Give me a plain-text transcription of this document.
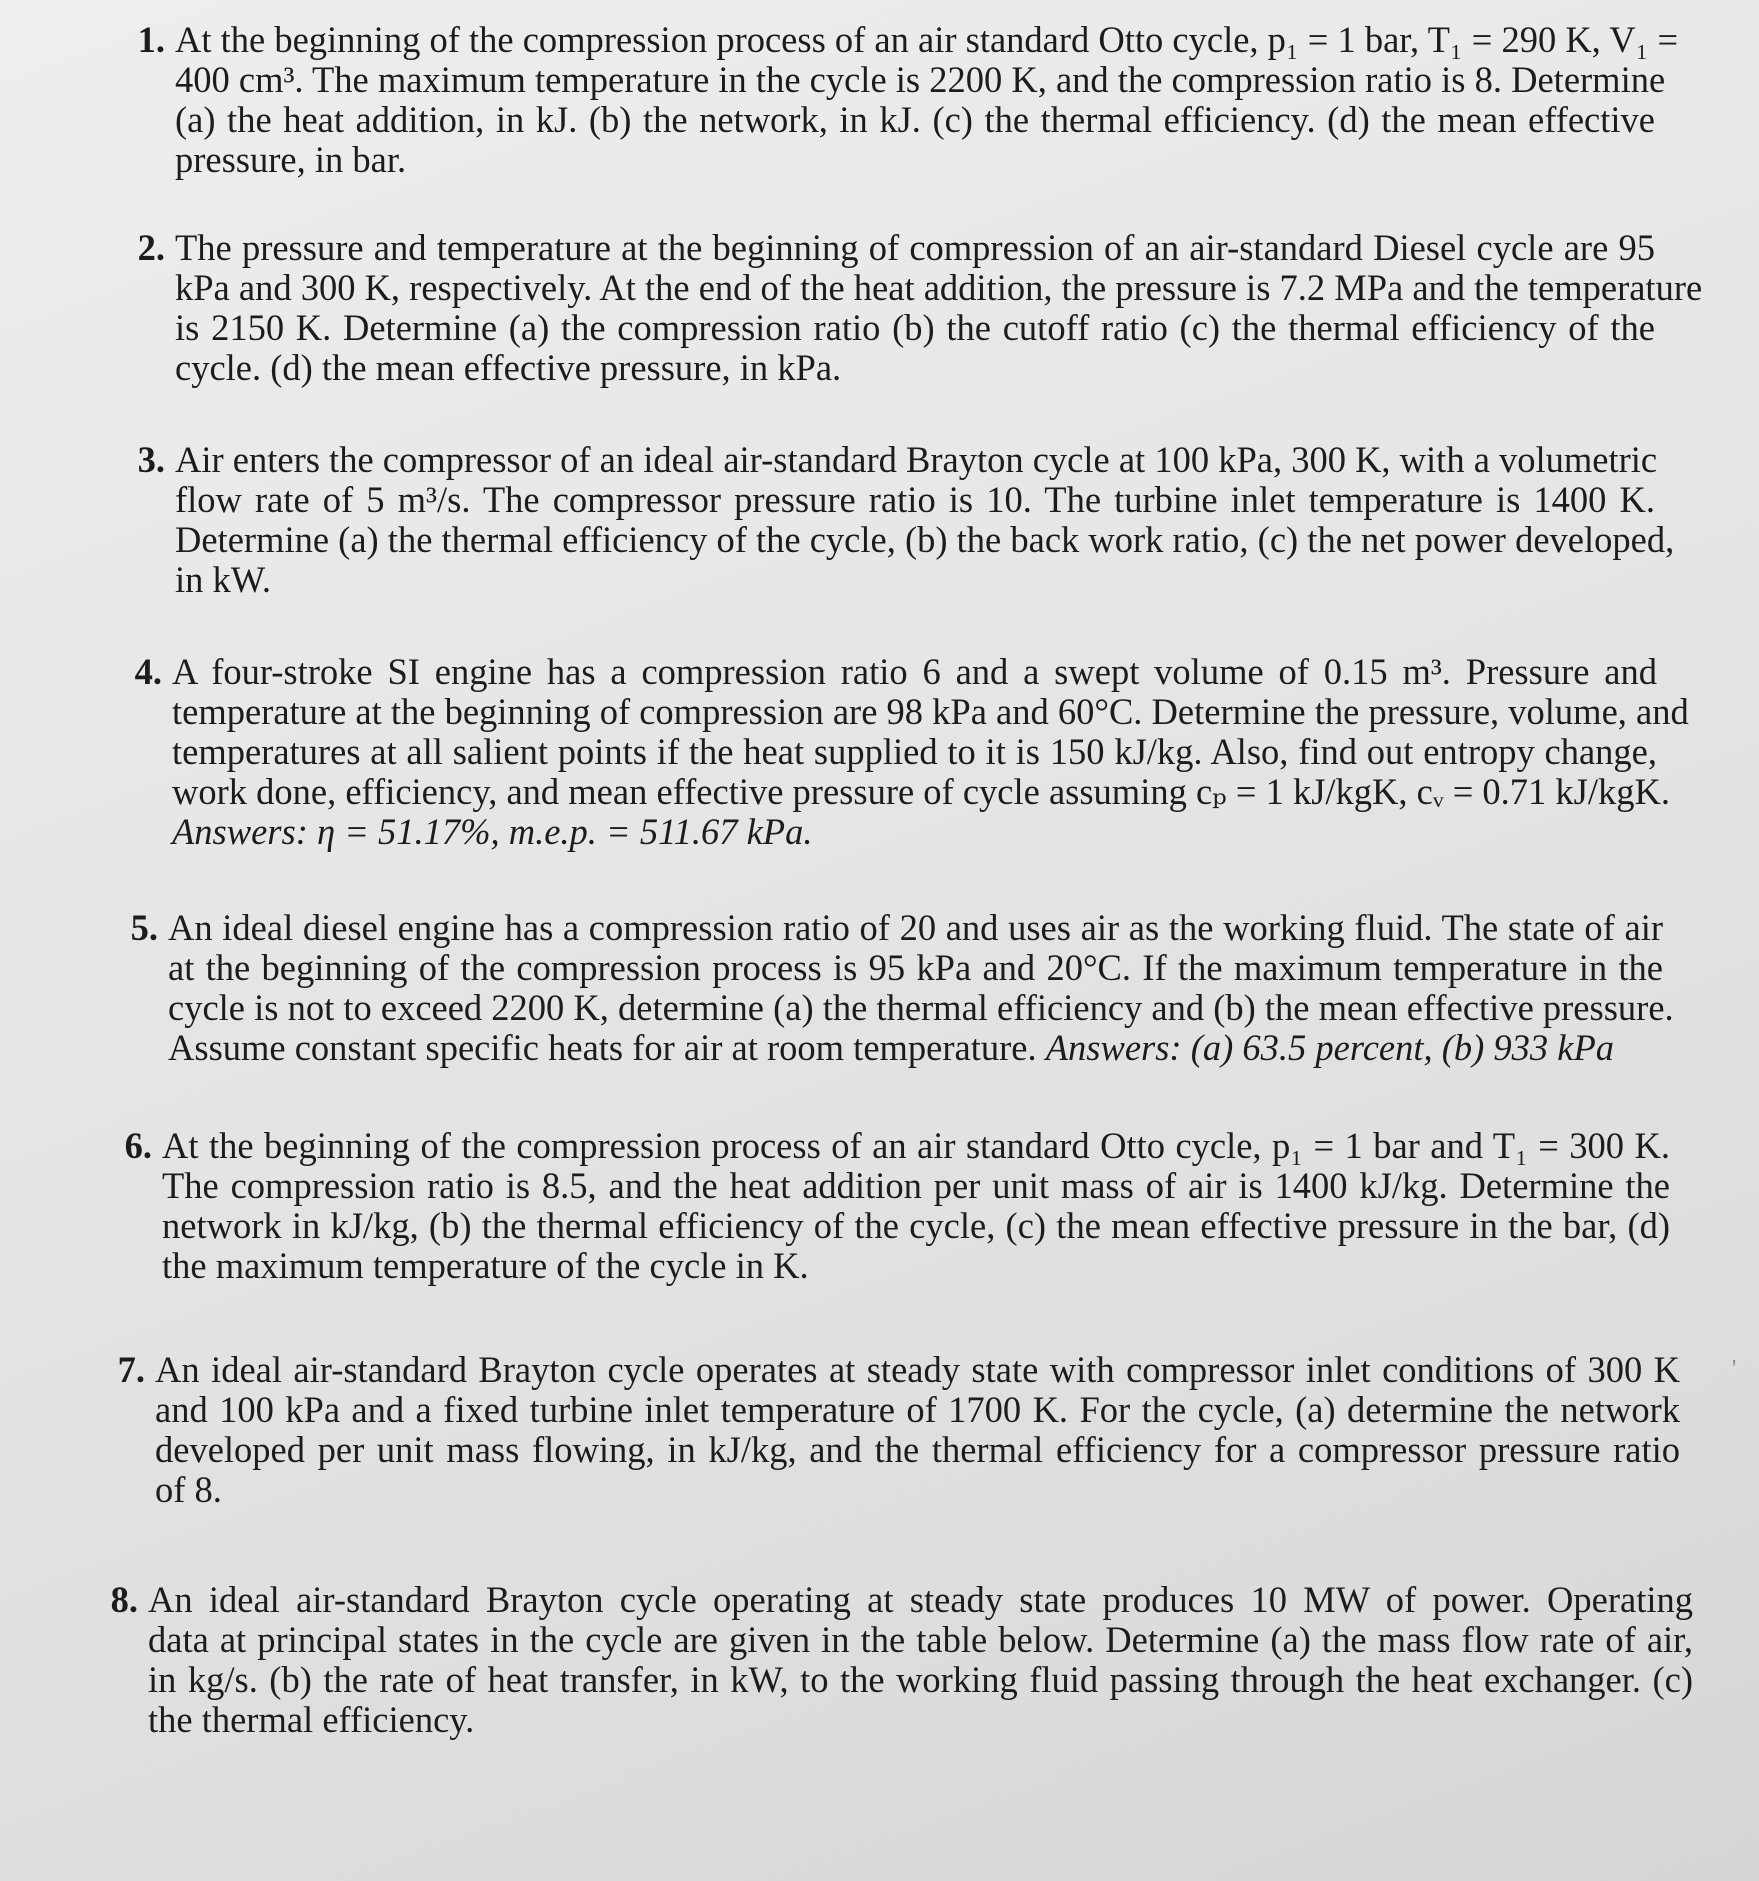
1. At the beginning of the compression process of an air standard Otto cycle, p₁ = 1 bar, T₁ = 290 K, V₁ =
400 cm³. The maximum temperature in the cycle is 2200 K, and the compression ratio is 8. Determine
(a) the heat addition, in kJ. (b) the network, in kJ. (c) the thermal efficiency. (d) the mean effective
pressure, in bar.
2. The pressure and temperature at the beginning of compression of an air-standard Diesel cycle are 95
kPa and 300 K, respectively. At the end of the heat addition, the pressure is 7.2 MPa and the temperature
is 2150 K. Determine (a) the compression ratio (b) the cutoff ratio (c) the thermal efficiency of the
cycle. (d) the mean effective pressure, in kPa.
3. Air enters the compressor of an ideal air-standard Brayton cycle at 100 kPa, 300 K, with a volumetric
flow rate of 5 m³/s. The compressor pressure ratio is 10. The turbine inlet temperature is 1400 K.
Determine (a) the thermal efficiency of the cycle, (b) the back work ratio, (c) the net power developed,
in kW.
4. A four-stroke SI engine has a compression ratio 6 and a swept volume of 0.15 m³. Pressure and
temperature at the beginning of compression are 98 kPa and 60°C. Determine the pressure, volume, and
temperatures at all salient points if the heat supplied to it is 150 kJ/kg. Also, find out entropy change,
work done, efficiency, and mean effective pressure of cycle assuming cₚ = 1 kJ/kgK, cᵥ = 0.71 kJ/kgK.
Answers: η = 51.17%, m.e.p. = 511.67 kPa.
5. An ideal diesel engine has a compression ratio of 20 and uses air as the working fluid. The state of air
at the beginning of the compression process is 95 kPa and 20°C. If the maximum temperature in the
cycle is not to exceed 2200 K, determine (a) the thermal efficiency and (b) the mean effective pressure.
Assume constant specific heats for air at room temperature. Answers: (a) 63.5 percent, (b) 933 kPa
6. At the beginning of the compression process of an air standard Otto cycle, p₁ = 1 bar and T₁ = 300 K.
The compression ratio is 8.5, and the heat addition per unit mass of air is 1400 kJ/kg. Determine the
network in kJ/kg, (b) the thermal efficiency of the cycle, (c) the mean effective pressure in the bar, (d)
the maximum temperature of the cycle in K.
7. An ideal air-standard Brayton cycle operates at steady state with compressor inlet conditions of 300 K
and 100 kPa and a fixed turbine inlet temperature of 1700 K. For the cycle, (a) determine the network
developed per unit mass flowing, in kJ/kg, and the thermal efficiency for a compressor pressure ratio
of 8.
8. An ideal air-standard Brayton cycle operating at steady state produces 10 MW of power. Operating
data at principal states in the cycle are given in the table below. Determine (a) the mass flow rate of air,
in kg/s. (b) the rate of heat transfer, in kW, to the working fluid passing through the heat exchanger. (c)
the thermal efficiency.
'
